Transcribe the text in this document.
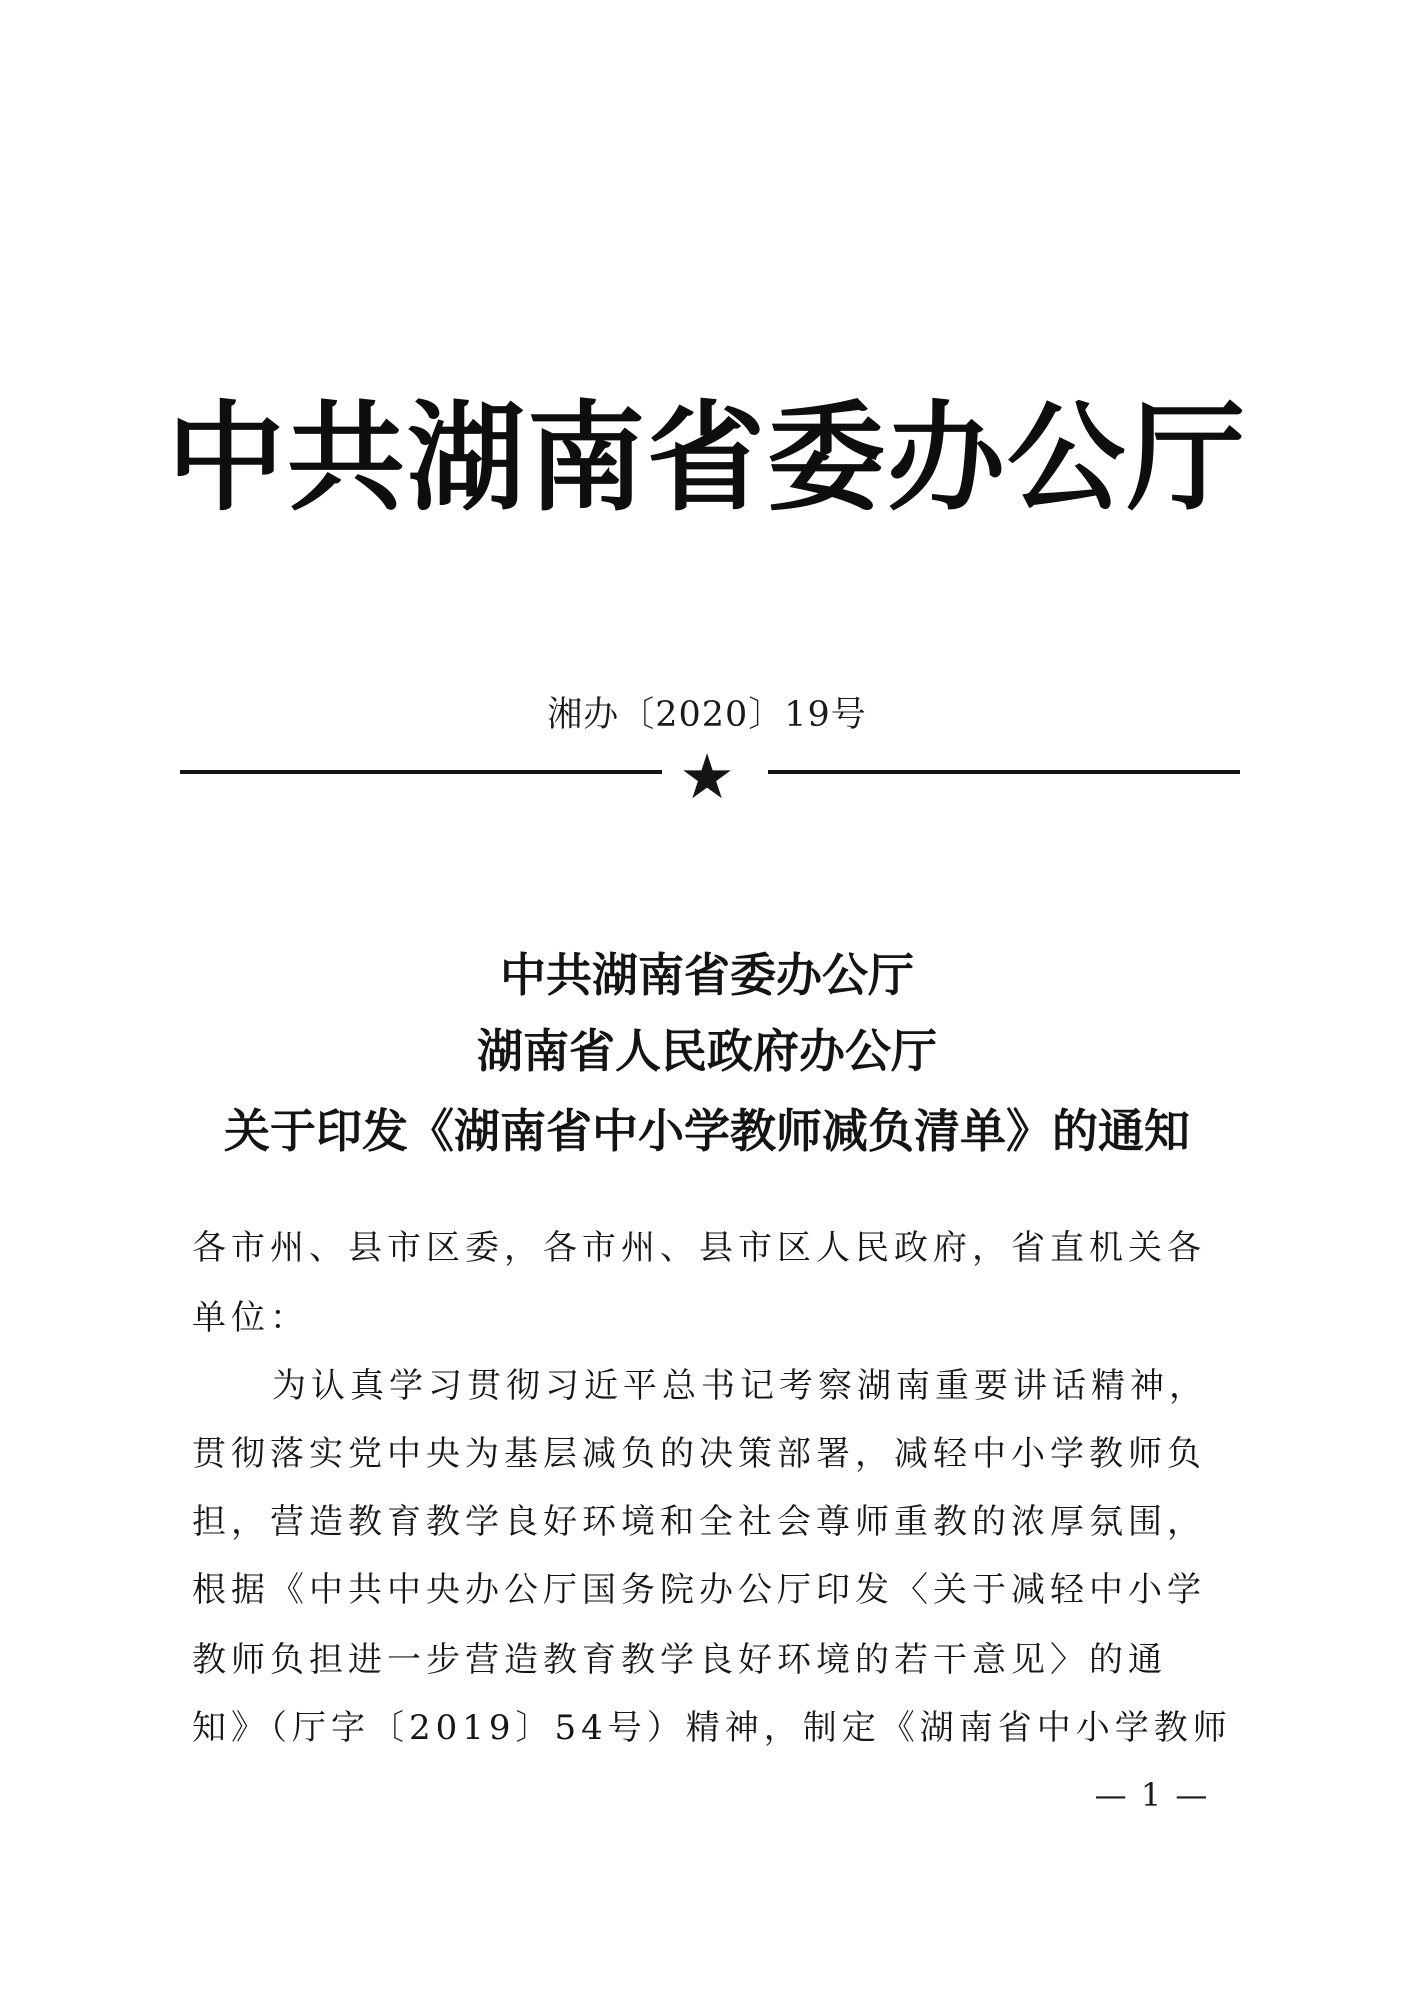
中共湖南省委办公厅
湘办〔2020〕19号
★
中共湖南省委办公厅
湖南省人民政府办公厅
关于印发《湖南省中小学教师减负清单》的通知
各市州、县市区委，各市州、县市区人民政府，省直机关各
单位：
为认真学习贯彻习近平总书记考察湖南重要讲话精神，
贯彻落实党中央为基层减负的决策部署，减轻中小学教师负
担，营造教育教学良好环境和全社会尊师重教的浓厚氛围，
根据《中共中央办公厅国务院办公厅印发〈关于减轻中小学
教师负担进一步营造教育教学良好环境的若干意见〉的通
知》（厅字〔2019〕54号）精神，制定《湖南省中小学教师
— 1 —
